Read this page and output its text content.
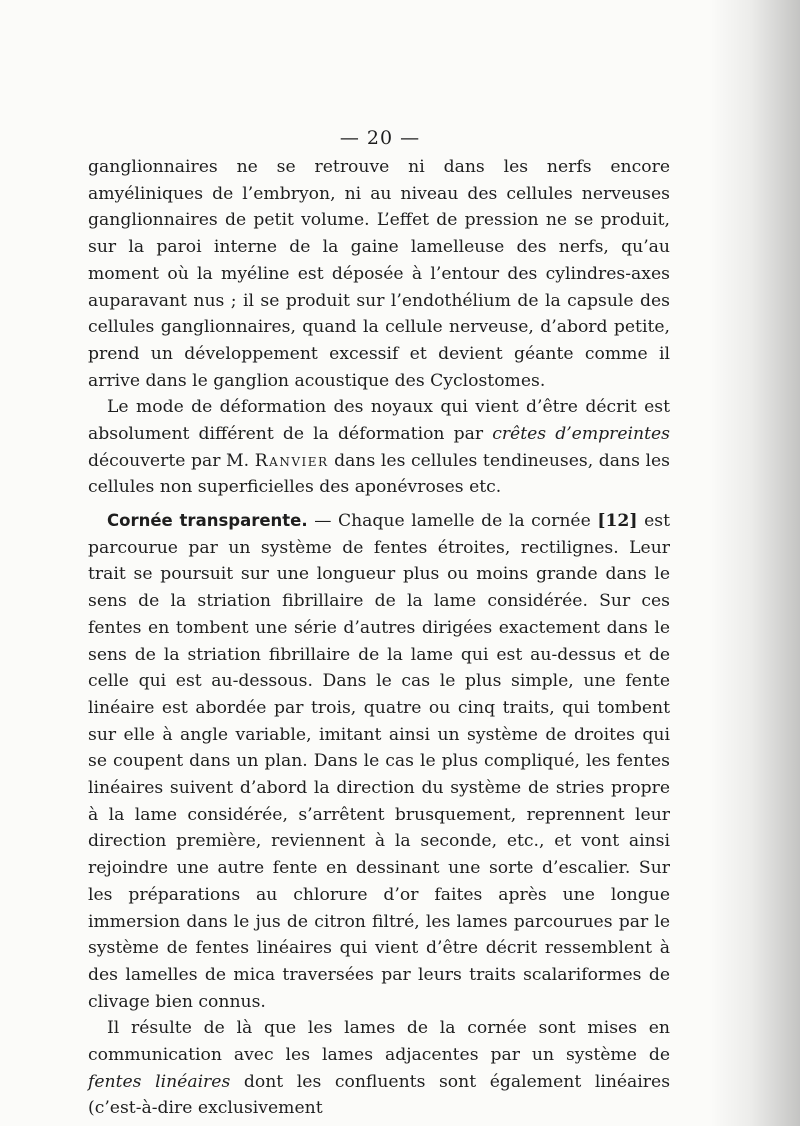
— 20 —

ganglionnaires ne se retrouve ni dans les nerfs encore amyéliniques de l’embryon, ni au niveau des cellules nerveuses ganglionnaires de petit volume. L’effet de pression ne se produit, sur la paroi interne de la gaine lamelleuse des nerfs, qu’au moment où la myéline est déposée à l’entour des cylindres-axes auparavant nus ; il se produit sur l’endothélium de la capsule des cellules ganglionnaires, quand la cellule nerveuse, d’abord petite, prend un développement excessif et devient géante comme il arrive dans le ganglion acoustique des Cyclostomes.

Le mode de déformation des noyaux qui vient d’être décrit est absolument différent de la déformation par crêtes d’empreintes découverte par M. Ranvier dans les cellules tendineuses, dans les cellules non superficielles des aponévroses etc.

Cornée transparente. — Chaque lamelle de la cornée [12] est parcourue par un système de fentes étroites, rectilignes. Leur trait se poursuit sur une longueur plus ou moins grande dans le sens de la striation fibrillaire de la lame considérée. Sur ces fentes en tombent une série d’autres dirigées exactement dans le sens de la striation fibrillaire de la lame qui est au-dessus et de celle qui est au-dessous. Dans le cas le plus simple, une fente linéaire est abordée par trois, quatre ou cinq traits, qui tombent sur elle à angle variable, imitant ainsi un système de droites qui se coupent dans un plan. Dans le cas le plus compliqué, les fentes linéaires suivent d’abord la direction du système de stries propre à la lame considérée, s’arrêtent brusquement, reprennent leur direction première, reviennent à la seconde, etc., et vont ainsi rejoindre une autre fente en dessinant une sorte d’escalier. Sur les préparations au chlorure d’or faites après une longue immersion dans le jus de citron filtré, les lames parcourues par le système de fentes linéaires qui vient d’être décrit ressemblent à des lamelles de mica traversées par leurs traits scalariformes de clivage bien connus.

Il résulte de là que les lames de la cornée sont mises en communication avec les lames adjacentes par un système de fentes linéaires dont les confluents sont également linéaires (c’est-à-dire exclusivement
